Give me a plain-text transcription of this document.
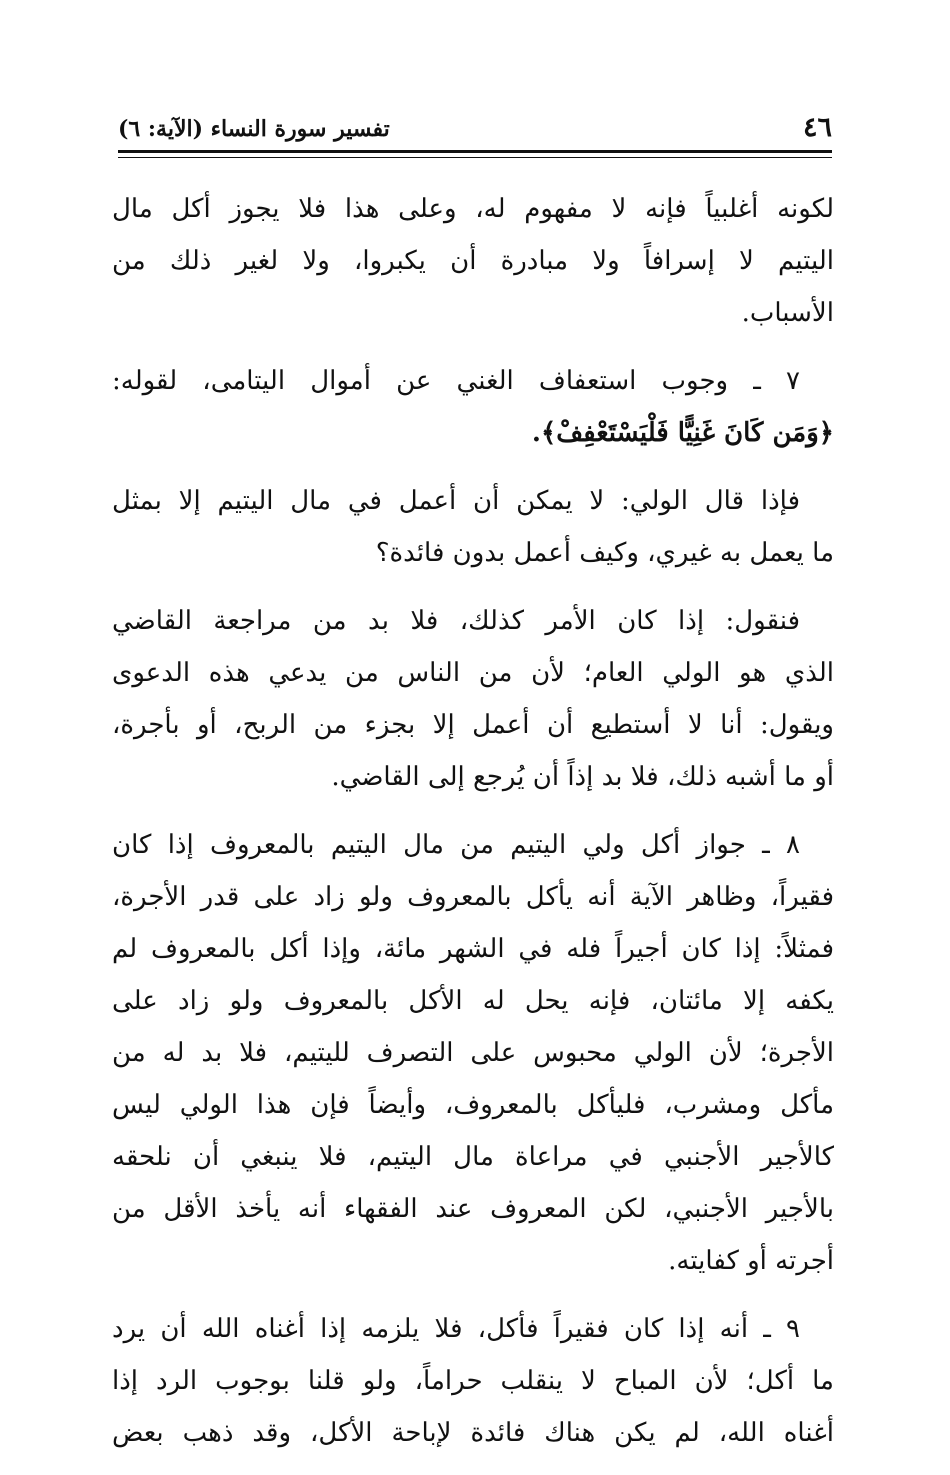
٤٦
تفسير سورة النساء (الآية: ٦)
لكونه أغلبياً فإنه لا مفهوم له، وعلى هذا فلا يجوز أكل مال
اليتيم لا إسرافاً ولا مبادرة أن يكبروا، ولا لغير ذلك من
الأسباب.
٧ ـ وجوب استعفاف الغني عن أموال اليتامى، لقوله:
﴿وَمَن كَانَ غَنِيًّا فَلْيَسْتَعْفِفْ﴾.
فإذا قال الولي: لا يمكن أن أعمل في مال اليتيم إلا بمثل
ما يعمل به غيري، وكيف أعمل بدون فائدة؟
فنقول: إذا كان الأمر كذلك، فلا بد من مراجعة القاضي
الذي هو الولي العام؛ لأن من الناس من يدعي هذه الدعوى
ويقول: أنا لا أستطيع أن أعمل إلا بجزء من الربح، أو بأجرة،
أو ما أشبه ذلك، فلا بد إذاً أن يُرجع إلى القاضي.
٨ ـ جواز أكل ولي اليتيم من مال اليتيم بالمعروف إذا كان
فقيراً، وظاهر الآية أنه يأكل بالمعروف ولو زاد على قدر الأجرة،
فمثلاً: إذا كان أجيراً فله في الشهر مائة، وإذا أكل بالمعروف لم
يكفه إلا مائتان، فإنه يحل له الأكل بالمعروف ولو زاد على
الأجرة؛ لأن الولي محبوس على التصرف لليتيم، فلا بد له من
مأكل ومشرب، فليأكل بالمعروف، وأيضاً فإن هذا الولي ليس
كالأجير الأجنبي في مراعاة مال اليتيم، فلا ينبغي أن نلحقه
بالأجير الأجنبي، لكن المعروف عند الفقهاء أنه يأخذ الأقل من
أجرته أو كفايته.
٩ ـ أنه إذا كان فقيراً فأكل، فلا يلزمه إذا أغناه الله أن يرد
ما أكل؛ لأن المباح لا ينقلب حراماً، ولو قلنا بوجوب الرد إذا
أغناه الله، لم يكن هناك فائدة لإباحة الأكل، وقد ذهب بعض
